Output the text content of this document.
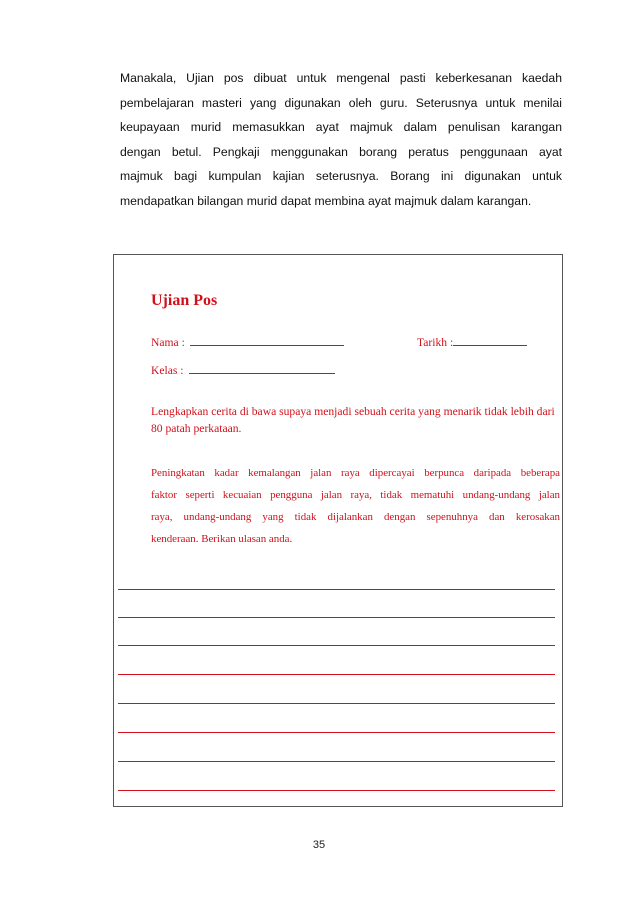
Manakala, Ujian pos dibuat untuk mengenal pasti keberkesanan kaedah
pembelajaran masteri yang digunakan oleh guru. Seterusnya untuk menilai
keupayaan murid memasukkan ayat majmuk dalam penulisan karangan
dengan betul. Pengkaji menggunakan borang peratus penggunaan ayat
majmuk bagi kumpulan kajian seterusnya. Borang ini digunakan untuk
mendapatkan bilangan murid dapat membina ayat majmuk dalam karangan.
Ujian Pos
Nama :	Tarikh :
Kelas :
Lengkapkan cerita di bawa supaya menjadi sebuah cerita yang menarik tidak lebih dari 80 patah perkataan.
Peningkatan kadar kemalangan jalan raya dipercayai berpunca daripada beberapa
faktor seperti kecuaian pengguna jalan raya, tidak mematuhi undang-undang jalan
raya, undang-undang yang tidak dijalankan dengan sepenuhnya dan kerosakan
kenderaan. Berikan ulasan anda.
35
